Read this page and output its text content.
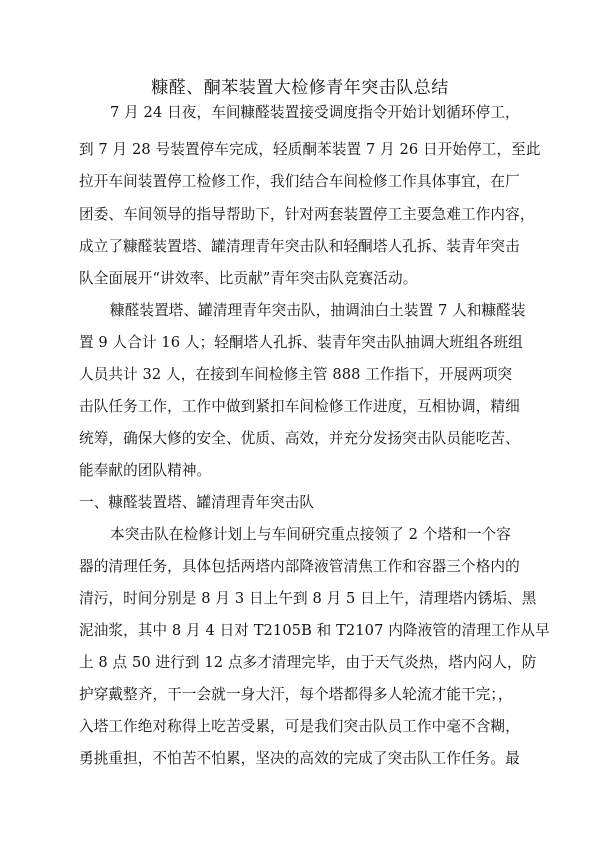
糠醛、酮苯装置大检修青年突击队总结
7 月 24 日夜，车间糠醛装置接受调度指令开始计划循环停工，
到 7 月 28 号装置停车完成，轻质酮苯装置 7 月 26 日开始停工，至此
拉开车间装置停工检修工作，我们结合车间检修工作具体事宜，在厂
团委、车间领导的指导帮助下，针对两套装置停工主要急难工作内容，
成立了糠醛装置塔、罐清理青年突击队和轻酮塔人孔拆、装青年突击
队全面展开“讲效率、比贡献”青年突击队竞赛活动。
糠醛装置塔、罐清理青年突击队，抽调油白土装置 7 人和糠醛装
置 9 人合计 16 人；轻酮塔人孔拆、装青年突击队抽调大班组各班组
人员共计 32 人，在接到车间检修主管 888 工作指下，开展两项突
击队任务工作，工作中做到紧扣车间检修工作进度，互相协调，精细
统筹，确保大修的安全、优质、高效，并充分发扬突击队员能吃苦、
能奉献的团队精神。
一、糠醛装置塔、罐清理青年突击队
本突击队在检修计划上与车间研究重点接领了 2 个塔和一个容
器的清理任务，具体包括两塔内部降液管清焦工作和容器三个格内的
清污，时间分别是 8 月 3 日上午到 8 月 5 日上午，清理塔内锈垢、黑
泥油浆，其中 8 月 4 日对 T2105B 和 T2107 内降液管的清理工作从早
上 8 点 50 进行到 12 点多才清理完毕，由于天气炎热，塔内闷人，防
护穿戴整齐，干一会就一身大汗，每个塔都得多人轮流才能干完；，
入塔工作绝对称得上吃苦受累，可是我们突击队员工作中毫不含糊，
勇挑重担，不怕苦不怕累，坚决的高效的完成了突击队工作任务。最
